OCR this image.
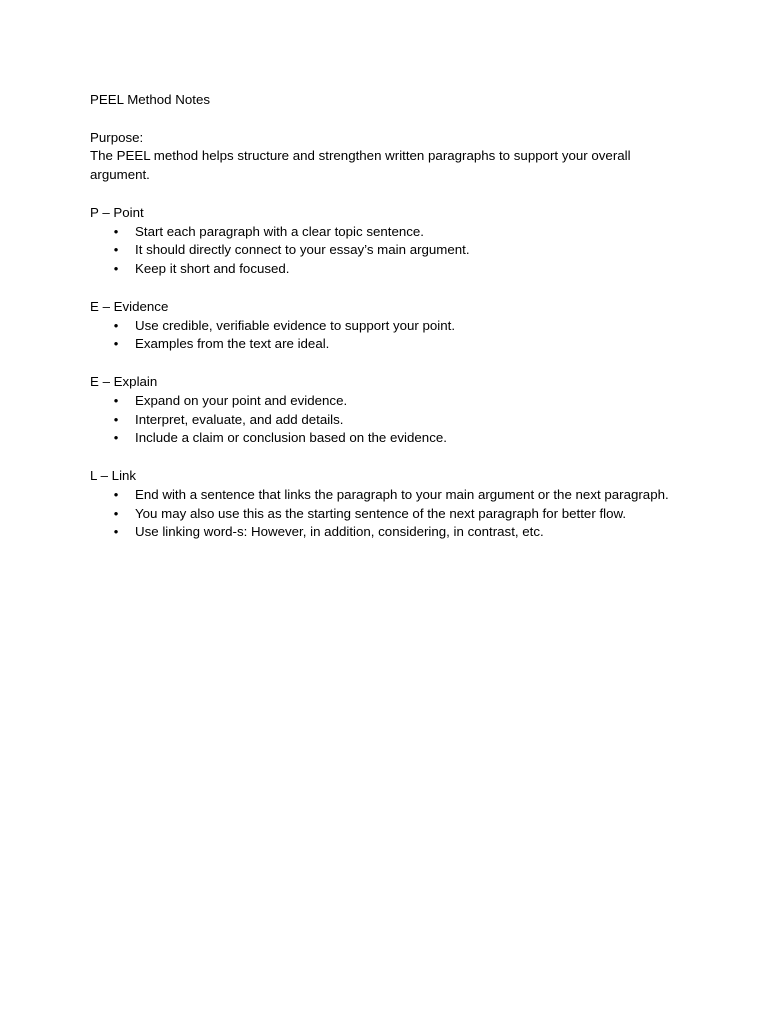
PEEL Method Notes

Purpose:

The PEEL method helps structure and strengthen written paragraphs to support your overall argument.

P – Point

• Start each paragraph with a clear topic sentence.
• It should directly connect to your essay’s main argument.
• Keep it short and focused.

E – Evidence

• Use credible, verifiable evidence to support your point.
• Examples from the text are ideal.

E – Explain

• Expand on your point and evidence.
• Interpret, evaluate, and add details.
• Include a claim or conclusion based on the evidence.

L – Link

• End with a sentence that links the paragraph to your main argument or the next paragraph.
• You may also use this as the starting sentence of the next paragraph for better flow.
• Use linking word-s: However, in addition, considering, in contrast, etc.
